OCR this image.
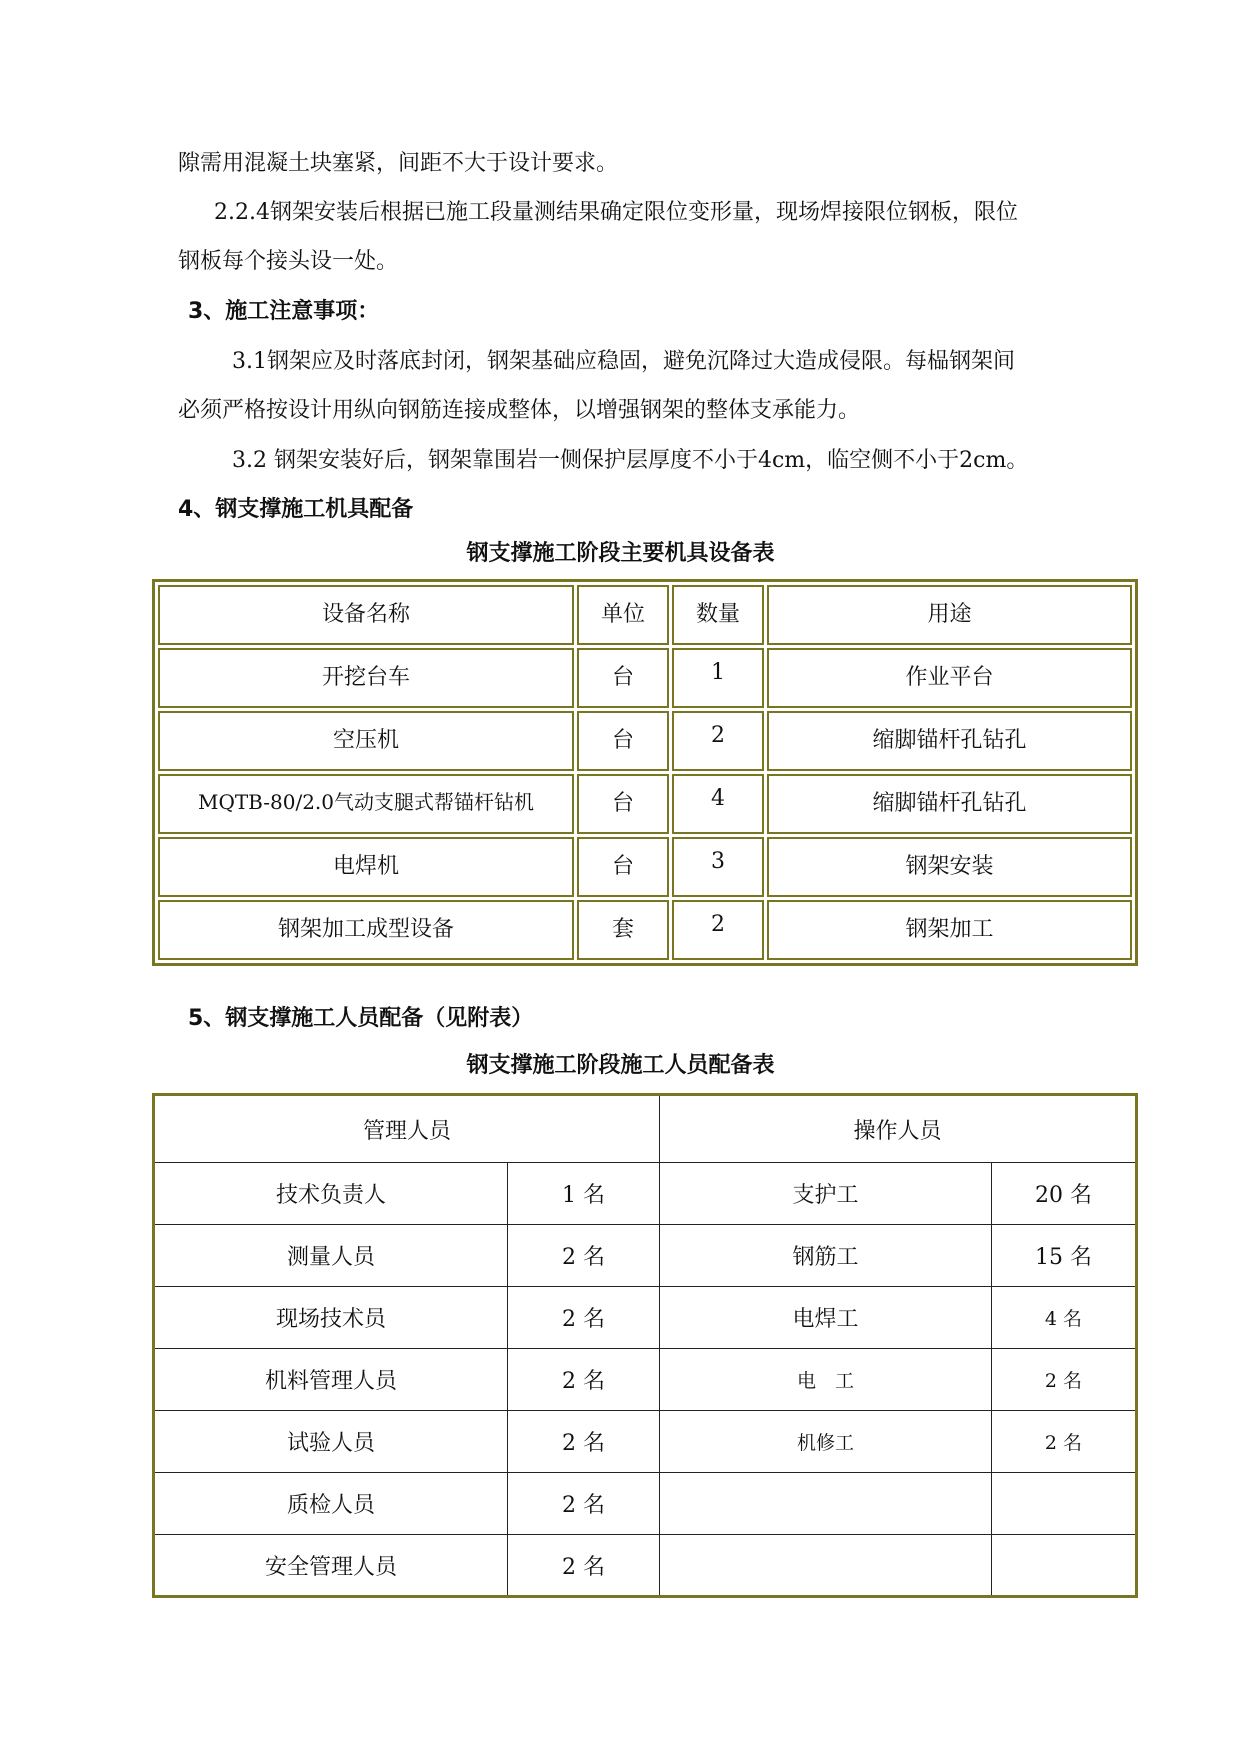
隙需用混凝土块塞紧，间距不大于设计要求。

2.2.4钢架安装后根据已施工段量测结果确定限位变形量，现场焊接限位钢板，限位

钢板每个接头设一处。

3、施工注意事项：

3.1钢架应及时落底封闭，钢架基础应稳固，避免沉降过大造成侵限。每榀钢架间

必须严格按设计用纵向钢筋连接成整体，以增强钢架的整体支承能力。

3.2 钢架安装好后，钢架靠围岩一侧保护层厚度不小于4cm，临空侧不小于2cm。

4、钢支撑施工机具配备

钢支撑施工阶段主要机具设备表
设备名称	单位	数量	用途
开挖台车	台	1	作业平台
空压机	台	2	缩脚锚杆孔钻孔
MQTB-80/2.0气动支腿式帮锚杆钻机	台	4	缩脚锚杆孔钻孔
电焊机	台	3	钢架安装
钢架加工成型设备	套	2	钢架加工

5、钢支撑施工人员配备（见附表）

钢支撑施工阶段施工人员配备表
管理人员		操作人员	
技术负责人	1 名	支护工	20 名
测量人员	2 名	钢筋工	15 名
现场技术员	2 名	电焊工	4 名
机料管理人员	2 名	电　工	2 名
试验人员	2 名	机修工	2 名
质检人员	2 名		
安全管理人员	2 名		
